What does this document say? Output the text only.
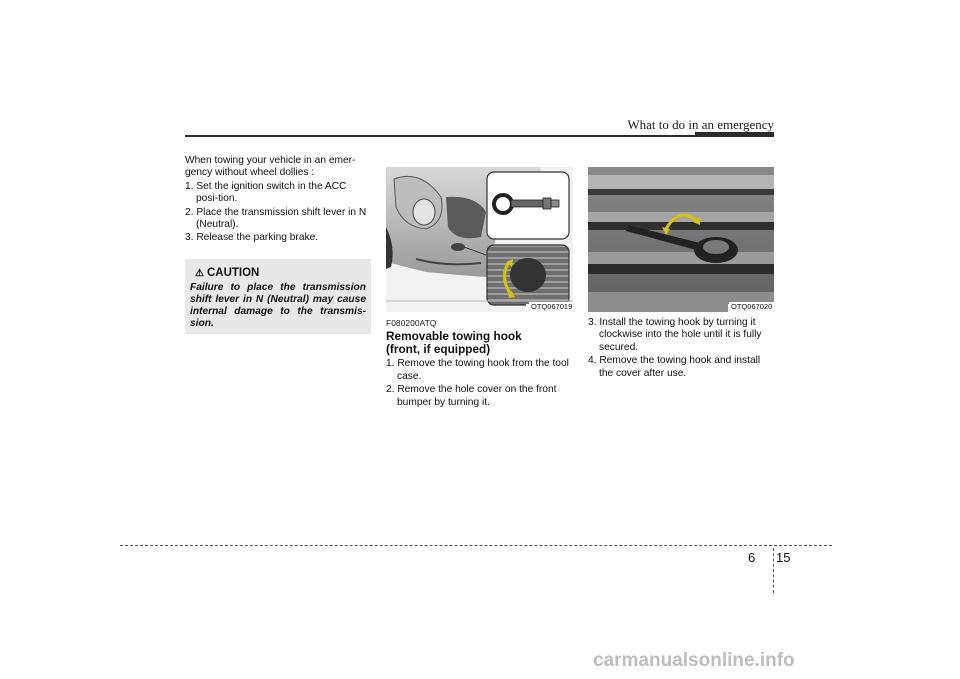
What to do in an emergency

When towing your vehicle in an emer-gency without wheel dollies :

1. Set the ignition switch in the ACC posi-tion.

2. Place the transmission shift lever in N (Neutral).

3. Release the parking brake.

⚠ CAUTION
Failure to place the transmission shift lever in N (Neutral) may cause internal damage to the transmis-sion.
OTQ067019

F080200ATQ

Removable towing hook
(front, if equipped)

1. Remove the towing hook from the tool case.

2. Remove the hole cover on the front bumper by turning it.

OTQ067020

3. Install the towing hook by turning it clockwise into the hole until it is fully secured.

4. Remove the towing hook and install the cover after use.

6 15
carmanualsonline.info
